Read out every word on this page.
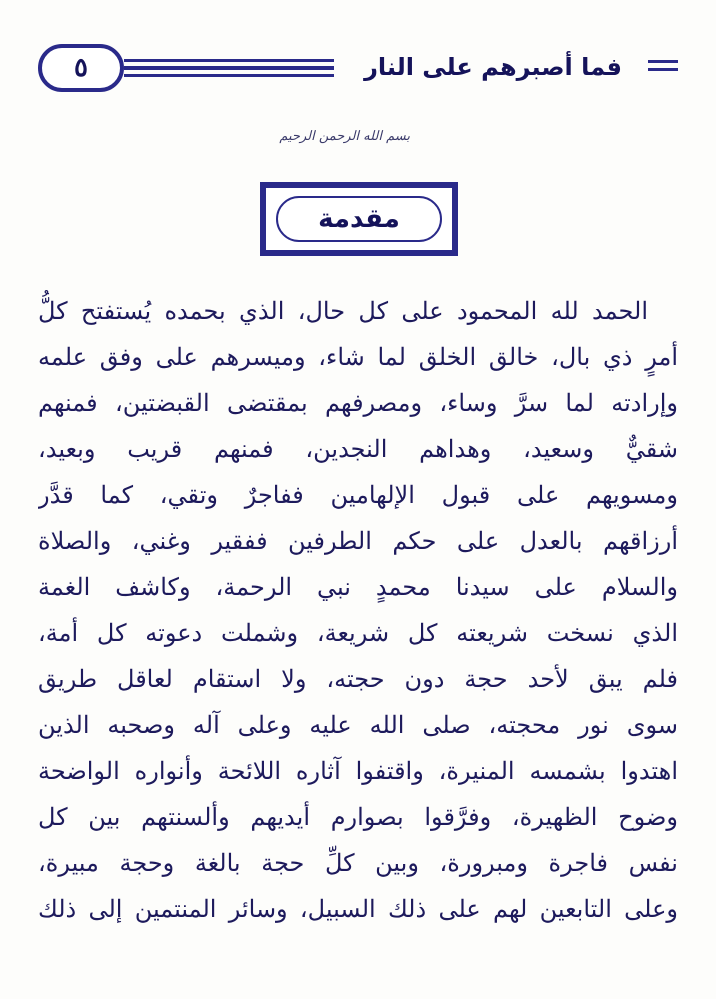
٥	فما أصبرهم على النار
بسم الله الرحمن الرحيم
مقدمة
الحمد لله المحمود على كل حال، الذي بحمده يُستفتح كلُّ
أمرٍ ذي بال، خالق الخلق لما شاء، وميسرهم على وفق علمه
وإرادته لما سرَّ وساء، ومصرفهم بمقتضى القبضتين، فمنهم
شقيٌّ وسعيد، وهداهم النجدين، فمنهم قريب وبعيد،
ومسويهم على قبول الإلهامين ففاجرٌ وتقي، كما قدَّر
أرزاقهم بالعدل على حكم الطرفين ففقير وغني، والصلاة
والسلام على سيدنا محمدٍ نبي الرحمة، وكاشف الغمة
الذي نسخت شريعته كل شريعة، وشملت دعوته كل أمة،
فلم يبق لأحد حجة دون حجته، ولا استقام لعاقل طريق
سوى نور محجته، صلى الله عليه وعلى آله وصحبه الذين
اهتدوا بشمسه المنيرة، واقتفوا آثاره اللائحة وأنواره الواضحة
وضوح الظهيرة، وفرَّقوا بصوارم أيديهم وألسنتهم بين كل
نفس فاجرة ومبرورة، وبين كلِّ حجة بالغة وحجة مبيرة،
وعلى التابعين لهم على ذلك السبيل، وسائر المنتمين إلى ذلك
